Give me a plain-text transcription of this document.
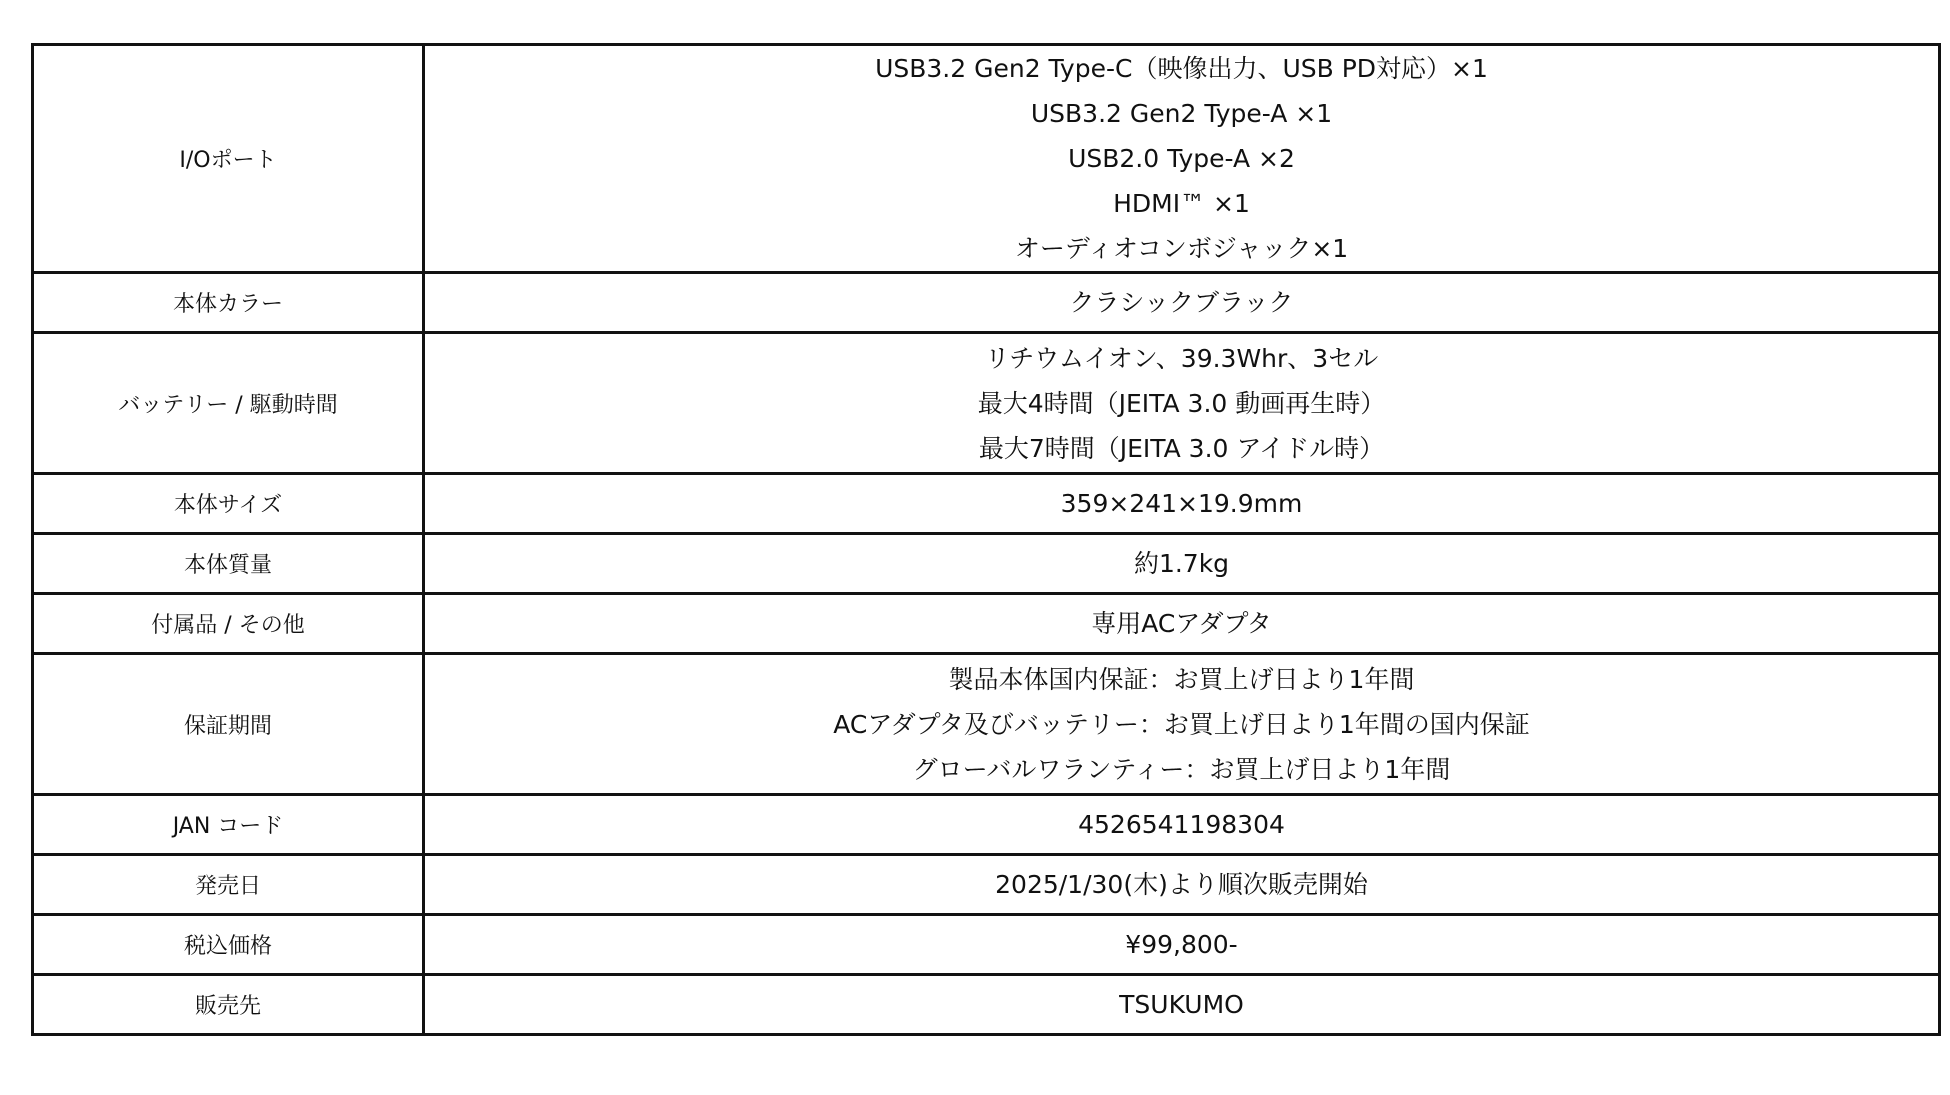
I/Oポート	USB3.2 Gen2 Type-C（映像出力、USB PD対応）×1
USB3.2 Gen2 Type-A ×1
USB2.0 Type-A ×2
HDMI™ ×1
オーディオコンボジャック×1

本体カラー	クラシックブラック

バッテリー / 駆動時間	リチウムイオン、39.3Whr、3セル
最大4時間（JEITA 3.0 動画再生時）
最大7時間（JEITA 3.0 アイドル時）

本体サイズ	359×241×19.9mm

本体質量	約1.7kg

付属品 / その他	専用ACアダプタ

保証期間	製品本体国内保証：お買上げ日より1年間
ACアダプタ及びバッテリー：お買上げ日より1年間の国内保証
グローバルワランティー：お買上げ日より1年間

JAN コード	4526541198304

発売日	2025/1/30(木)より順次販売開始

税込価格	¥99,800-

販売先	TSUKUMO
